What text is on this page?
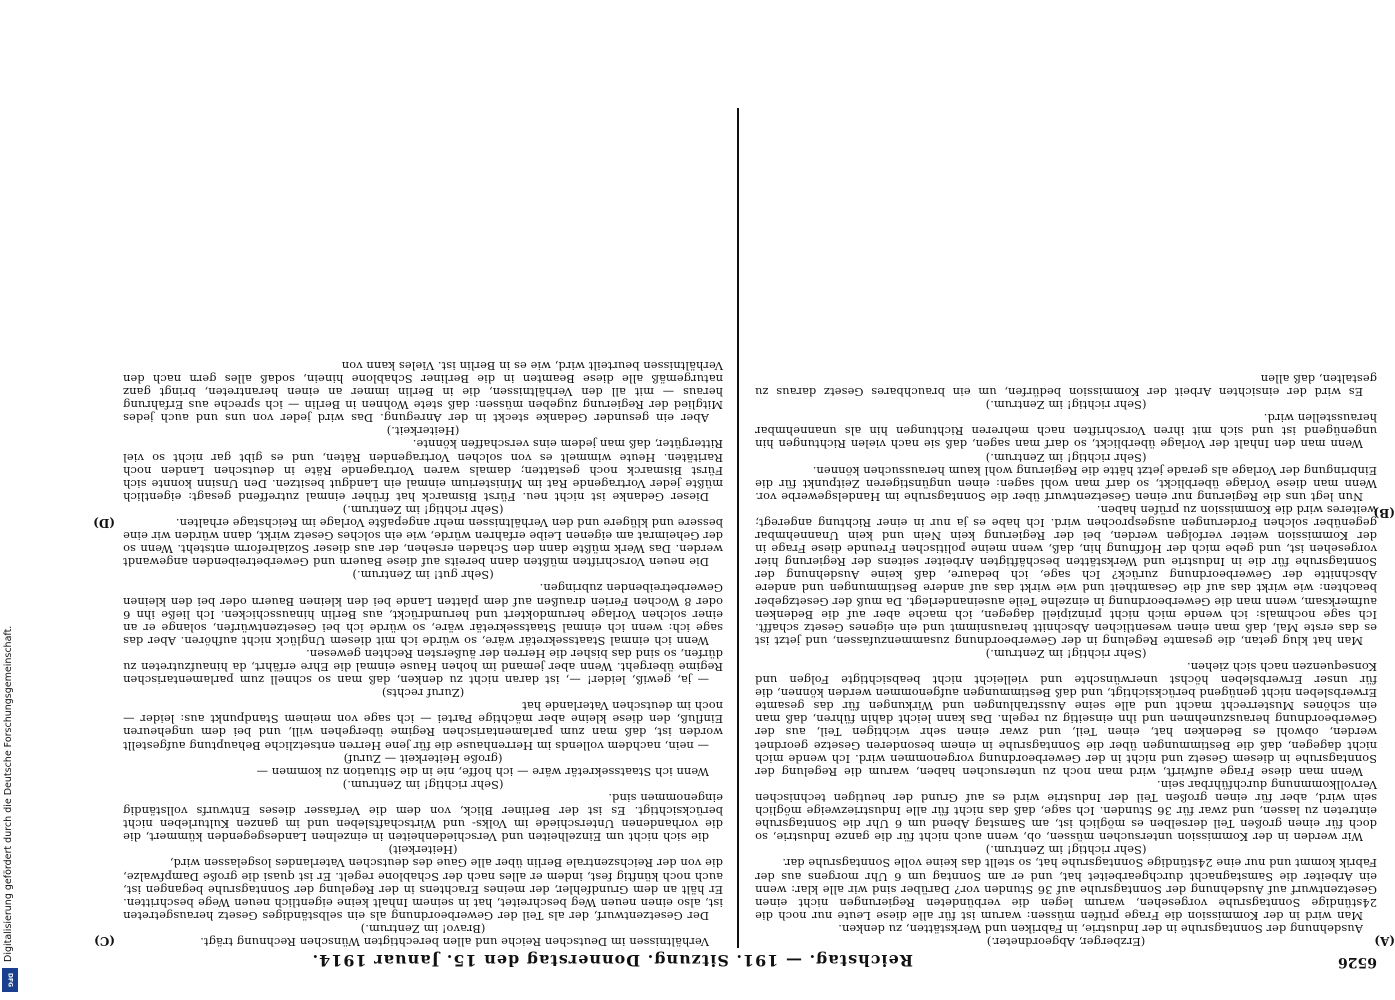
6526
Reichstag. — 191. Sitzung. Donnerstag den 15. Januar 1914.
(C)
(D)
(A)
(B)

(Erzberger, Abgeordneter.)

Ausdehnung der Sonntagsruhe in der Industrie, in Fabriken und Werkstätten, zu denken.

Man wird in der Kommission die Frage prüfen müssen: warum ist für alle diese Leute nur noch die 24stündige Sonntagsruhe vorgesehen, warum legen die verbündeten Regierungen nicht einen Gesetzentwurf auf Ausdehnung der Sonntagsruhe auf 36 Stunden vor? Darüber sind wir alle klar: wenn ein Arbeiter die Samstagnacht durchgearbeitet hat, und er am Sonntag um 6 Uhr morgens aus der Fabrik kommt und nur eine 24stündige Sonntagsruhe hat, so stellt das keine volle Sonntagsruhe dar.

(Sehr richtig! im Zentrum.)

Wir werden in der Kommission untersuchen müssen, ob, wenn auch nicht für die ganze Industrie, so doch für einen großen Teil derselben es möglich ist, am Samstag Abend um 6 Uhr die Sonntagsruhe eintreten zu lassen, und zwar für 36 Stunden. Ich sage, daß das nicht für alle Industriezweige möglich sein wird, aber für einen großen Teil der Industrie wird es auf Grund der heutigen technischen Vervollkommnung durchführbar sein.

Wenn man diese Frage aufwirft, wird man noch zu untersuchen haben, warum die Regelung der Sonntagsruhe in diesem Gesetz und nicht in der Gewerbeordnung vorgenommen wird. Ich wende mich nicht dagegen, daß die Bestimmungen über die Sonntagsruhe in einem besonderen Gesetze geordnet werden, obwohl es Bedenken hat, einen Teil, und zwar einen sehr wichtigen Teil, aus der Gewerbeordnung herauszunehmen und ihn einseitig zu regeln. Das kann leicht dahin führen, daß man ein schönes Musterrecht macht und alle seine Ausstrahlungen und Wirkungen für das gesamte Erwerbsleben nicht genügend berücksichtigt, und daß Bestimmungen aufgenommen werden können, die für unser Erwerbsleben höchst unerwünschte und vielleicht nicht beabsichtigte Folgen und Konsequenzen nach sich ziehen.

(Sehr richtig! im Zentrum.)

Man hat klug getan, die gesamte Regelung in der Gewerbeordnung zusammenzufassen, und jetzt ist es das erste Mal, daß man einen wesentlichen Abschnitt herausnimmt und ein eigenes Gesetz schafft. Ich sage nochmals: ich wende mich nicht prinzipiell dagegen, ich mache aber auf die Bedenken aufmerksam, wenn man die Gewerbeordnung in einzelne Teile auseinanderlegt. Da muß der Gesetzgeber beachten: wie wirkt das auf die Gesamtheit und wie wirkt das auf andere Bestimmungen und andere Abschnitte der Gewerbeordnung zurück? Ich sage, ich bedaure, daß keine Ausdehnung der Sonntagsruhe für die in Industrie und Werkstätten beschäftigten Arbeiter seitens der Regierung hier vorgesehen ist, und gebe mich der Hoffnung hin, daß, wenn meine politischen Freunde diese Frage in der Kommission weiter verfolgen werden, bei der Regierung kein Nein und kein Unannehmbar gegenüber solchen Forderungen ausgesprochen wird. Ich habe es ja nur in einer Richtung angeregt; weiteres wird die Kommission zu prüfen haben.

Nun legt uns die Regierung nur einen Gesetzentwurf über die Sonntagsruhe im Handelsgewerbe vor. Wenn man diese Vorlage überblickt, so darf man wohl sagen: einen ungünstigeren Zeitpunkt für die Einbringung der Vorlage als gerade jetzt hätte die Regierung wohl kaum heraussuchen können.

(Sehr richtig! im Zentrum.)

Wenn man den Inhalt der Vorlage überblickt, so darf man sagen, daß sie nach vielen Richtungen hin ungenügend ist und sich mit ihren Vorschriften nach mehreren Richtungen hin als unannehmbar herausstellen wird.

(Sehr richtig! im Zentrum.)

Es wird der einsichten Arbeit der Kommission bedürfen, um ein brauchbares Gesetz daraus zu gestalten, daß allen

Verhältnissen im Deutschen Reiche und allen berechtigten Wünschen Rechnung trägt.

(Bravo! im Zentrum.)

Der Gesetzentwurf, der als Teil der Gewerbeordnung als ein selbständiges Gesetz herausgetreten ist, also einen neuen Weg beschreitet, hat in seinem Inhalt keine eigentlich neuen Wege beschritten. Er hält an dem Grundfehler, der meines Erachtens in der Regelung der Sonntagsruhe begangen ist, auch noch künftig fest, indem er alles nach der Schablone regelt. Er ist quasi die große Dampfwalze, die von der Reichszentrale Berlin über alle Gaue des deutschen Vaterlandes losgelassen wird,

(Heiterkeit)

die sich nicht um Einzelheiten und Verschiedenheiten in einzelnen Landesgegenden kümmert, die die vorhandenen Unterschiede im Volks- und Wirtschaftsleben und im ganzen Kulturleben nicht berücksichtigt. Es ist der Berliner Blick, von dem die Verfasser dieses Entwurfs vollständig eingenommen sind.

(Sehr richtig! im Zentrum.)

Wenn ich Staatssekretär wäre — ich hoffe, nie in die Situation zu kommen —

(große Heiterkeit — Zuruf)

— nein, nachdem vollends im Herrenhause die für jene Herren entsetzliche Behauptung aufgestellt worden ist, daß man zum parlamentarischen Regime übergehen will, und bei dem ungeheuren Einfluß, den diese kleine aber mächtige Partei — ich sage von meinem Standpunkt aus: leider — noch im deutschen Vaterlande hat

(Zuruf rechts)

— ja, gewiß, leider! —, ist daran nicht zu denken, daß man so schnell zum parlamentarischen Regime übergeht. Wenn aber jemand im hohen Hause einmal die Ehre erfährt, da hinaufzutreten zu dürfen, so sind das bisher die Herren der äußersten Rechten gewesen.

Wenn ich einmal Staatssekretär wäre, so würde ich mit diesem Unglück nicht aufhören. Aber das sage ich: wenn ich einmal Staatssekretär wäre, so würde ich bei Gesetzentwürfen, solange er an einer solchen Vorlage herumdoktert und herumdrückt, aus Berlin hinausschicken. Ich ließe ihn 6 oder 8 Wochen Ferien draußen auf dem platten Lande bei den kleinen Bauern oder bei den kleinen Gewerbetreibenden zubringen.

(Sehr gut! im Zentrum.)

Die neuen Vorschriften müßten dann bereits auf diese Bauern und Gewerbetreibenden angewandt werden. Das Werk müßte dann den Schaden ersehen, der aus dieser Sozialreform entsteht. Wenn so der Geheimrat am eigenen Leibe erfahren würde, wie ein solches Gesetz wirkt, dann würden wir eine bessere und klügere und den Verhältnissen mehr angepaßte Vorlage im Reichstage erhalten.

(Sehr richtig! im Zentrum.)

Dieser Gedanke ist nicht neu. Fürst Bismarck hat früher einmal zutreffend gesagt: eigentlich müßte jeder Vortragende Rat im Ministerium einmal ein Landgut besitzen. Den Unsinn konnte sich Fürst Bismarck noch gestatten; damals waren Vortragende Räte in deutschen Landen noch Raritäten. Heute wimmelt es von solchen Vortragenden Räten, und es gibt gar nicht so viel Rittergüter, daß man jedem eins verschaffen könnte.

(Heiterkeit.)

Aber ein gesunder Gedanke steckt in der Anregung. Das wird jeder von uns und auch jedes Mitglied der Regierung zugeben müssen: daß stete Wohnen in Berlin — ich spreche aus Erfahrung heraus — mit all den Verhältnissen, die in Berlin immer an einen herantreten, bringt ganz naturgemäß alle diese Beamten in die Berliner Schablone hinein, sodaß alles gern nach den Verhältnissen beurteilt wird, wie es in Berlin ist. Vieles kann von

Digitalisierung gefördert durch die Deutsche Forschungsgemeinschaft.
DFG
